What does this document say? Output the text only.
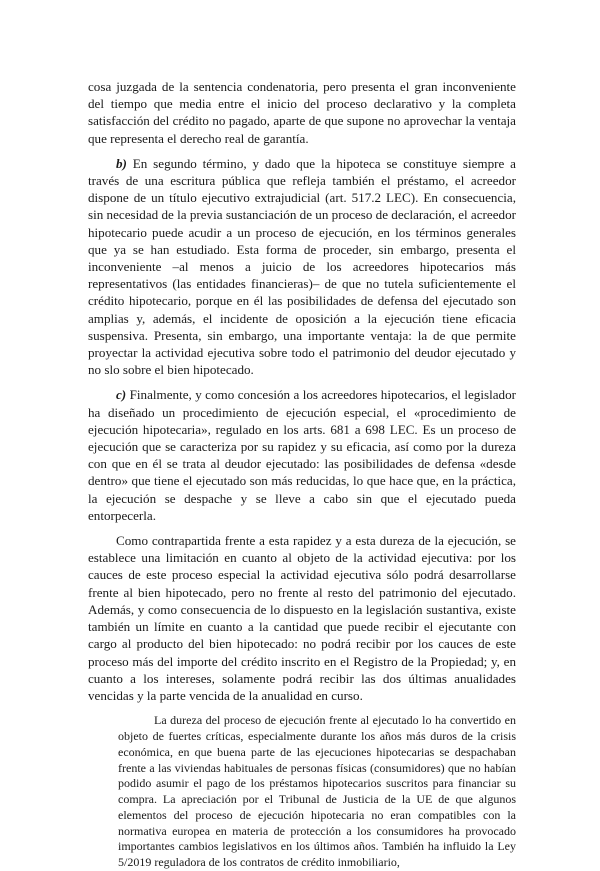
cosa juzgada de la sentencia condenatoria, pero presenta el gran inconveniente del tiempo que media entre el inicio del proceso declarativo y la completa satisfacción del crédito no pagado, aparte de que supone no aprovechar la ventaja que representa el derecho real de garantía.

b) En segundo término, y dado que la hipoteca se constituye siempre a través de una escritura pública que refleja también el préstamo, el acreedor dispone de un título ejecutivo extrajudicial (art. 517.2 LEC). En consecuencia, sin necesidad de la previa sustanciación de un proceso de declaración, el acreedor hipotecario puede acudir a un proceso de ejecución, en los términos generales que ya se han estudiado. Esta forma de proceder, sin embargo, presenta el inconveniente –al menos a juicio de los acreedores hipotecarios más representativos (las entidades financieras)– de que no tutela suficientemente el crédito hipotecario, porque en él las posibilidades de defensa del ejecutado son amplias y, además, el incidente de oposición a la ejecución tiene eficacia suspensiva. Presenta, sin embargo, una importante ventaja: la de que permite proyectar la actividad ejecutiva sobre todo el patrimonio del deudor ejecutado y no slo sobre el bien hipotecado.

c) Finalmente, y como concesión a los acreedores hipotecarios, el legislador ha diseñado un procedimiento de ejecución especial, el «procedimiento de ejecución hipotecaria», regulado en los arts. 681 a 698 LEC. Es un proceso de ejecución que se caracteriza por su rapidez y su eficacia, así como por la dureza con que en él se trata al deudor ejecutado: las posibilidades de defensa «desde dentro» que tiene el ejecutado son más reducidas, lo que hace que, en la práctica, la ejecución se despache y se lleve a cabo sin que el ejecutado pueda entorpecerla.

Como contrapartida frente a esta rapidez y a esta dureza de la ejecución, se establece una limitación en cuanto al objeto de la actividad ejecutiva: por los cauces de este proceso especial la actividad ejecutiva sólo podrá desarrollarse frente al bien hipotecado, pero no frente al resto del patrimonio del ejecutado. Además, y como consecuencia de lo dispuesto en la legislación sustantiva, existe también un límite en cuanto a la cantidad que puede recibir el ejecutante con cargo al producto del bien hipotecado: no podrá recibir por los cauces de este proceso más del importe del crédito inscrito en el Registro de la Propiedad; y, en cuanto a los intereses, solamente podrá recibir las dos últimas anualidades vencidas y la parte vencida de la anualidad en curso.

La dureza del proceso de ejecución frente al ejecutado lo ha convertido en objeto de fuertes críticas, especialmente durante los años más duros de la crisis económica, en que buena parte de las ejecuciones hipotecarias se despachaban frente a las viviendas habituales de personas físicas (consumidores) que no habían podido asumir el pago de los préstamos hipotecarios suscritos para financiar su compra. La apreciación por el Tribunal de Justicia de la UE de que algunos elementos del proceso de ejecución hipotecaria no eran compatibles con la normativa europea en materia de protección a los consumidores ha provocado importantes cambios legislativos en los últimos años. También ha influido la Ley 5/2019 reguladora de los contratos de crédito inmobiliario,
